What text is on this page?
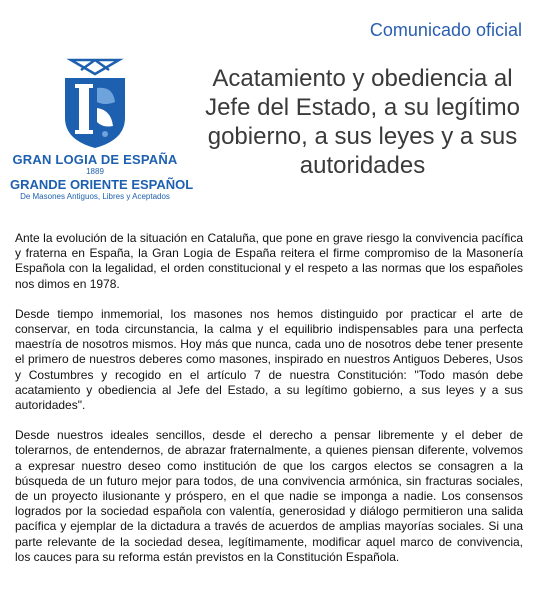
Comunicado oficial
GRAN LOGIA DE ESPAÑA
1889
GRANDE ORIENTE ESPAÑOL
De Masones Antiguos, Libres y Aceptados
Acatamiento y obediencia al Jefe del Estado, a su legítimo gobierno, a sus leyes y a sus autoridades

Ante la evolución de la situación en Cataluña, que pone en grave riesgo la convivencia pacífica y fraterna en España, la Gran Logia de España reitera el firme compromiso de la Masonería Española con la legalidad, el orden constitucional y el respeto a las normas que los españoles nos dimos en 1978.

Desde tiempo inmemorial, los masones nos hemos distinguido por practicar el arte de conservar, en toda circunstancia, la calma y el equilibrio indispensables para una perfecta maestría de nosotros mismos. Hoy más que nunca, cada uno de nosotros debe tener presente el primero de nuestros deberes como masones, inspirado en nuestros Antiguos Deberes, Usos y Costumbres y recogido en el artículo 7 de nuestra Constitución: "Todo masón debe acatamiento y obediencia al Jefe del Estado, a su legítimo gobierno, a sus leyes y a sus autoridades".

Desde nuestros ideales sencillos, desde el derecho a pensar libremente y el deber de tolerarnos, de entendernos, de abrazar fraternalmente, a quienes piensan diferente, volvemos a expresar nuestro deseo como institución de que los cargos electos se consagren a la búsqueda de un futuro mejor para todos, de una convivencia armónica, sin fracturas sociales, de un proyecto ilusionante y próspero, en el que nadie se imponga a nadie. Los consensos logrados por la sociedad española con valentía, generosidad y diálogo permitieron una salida pacífica y ejemplar de la dictadura a través de acuerdos de amplias mayorías sociales. Si una parte relevante de la sociedad desea, legítimamente, modificar aquel marco de convivencia, los cauces para su reforma están previstos en la Constitución Española.
